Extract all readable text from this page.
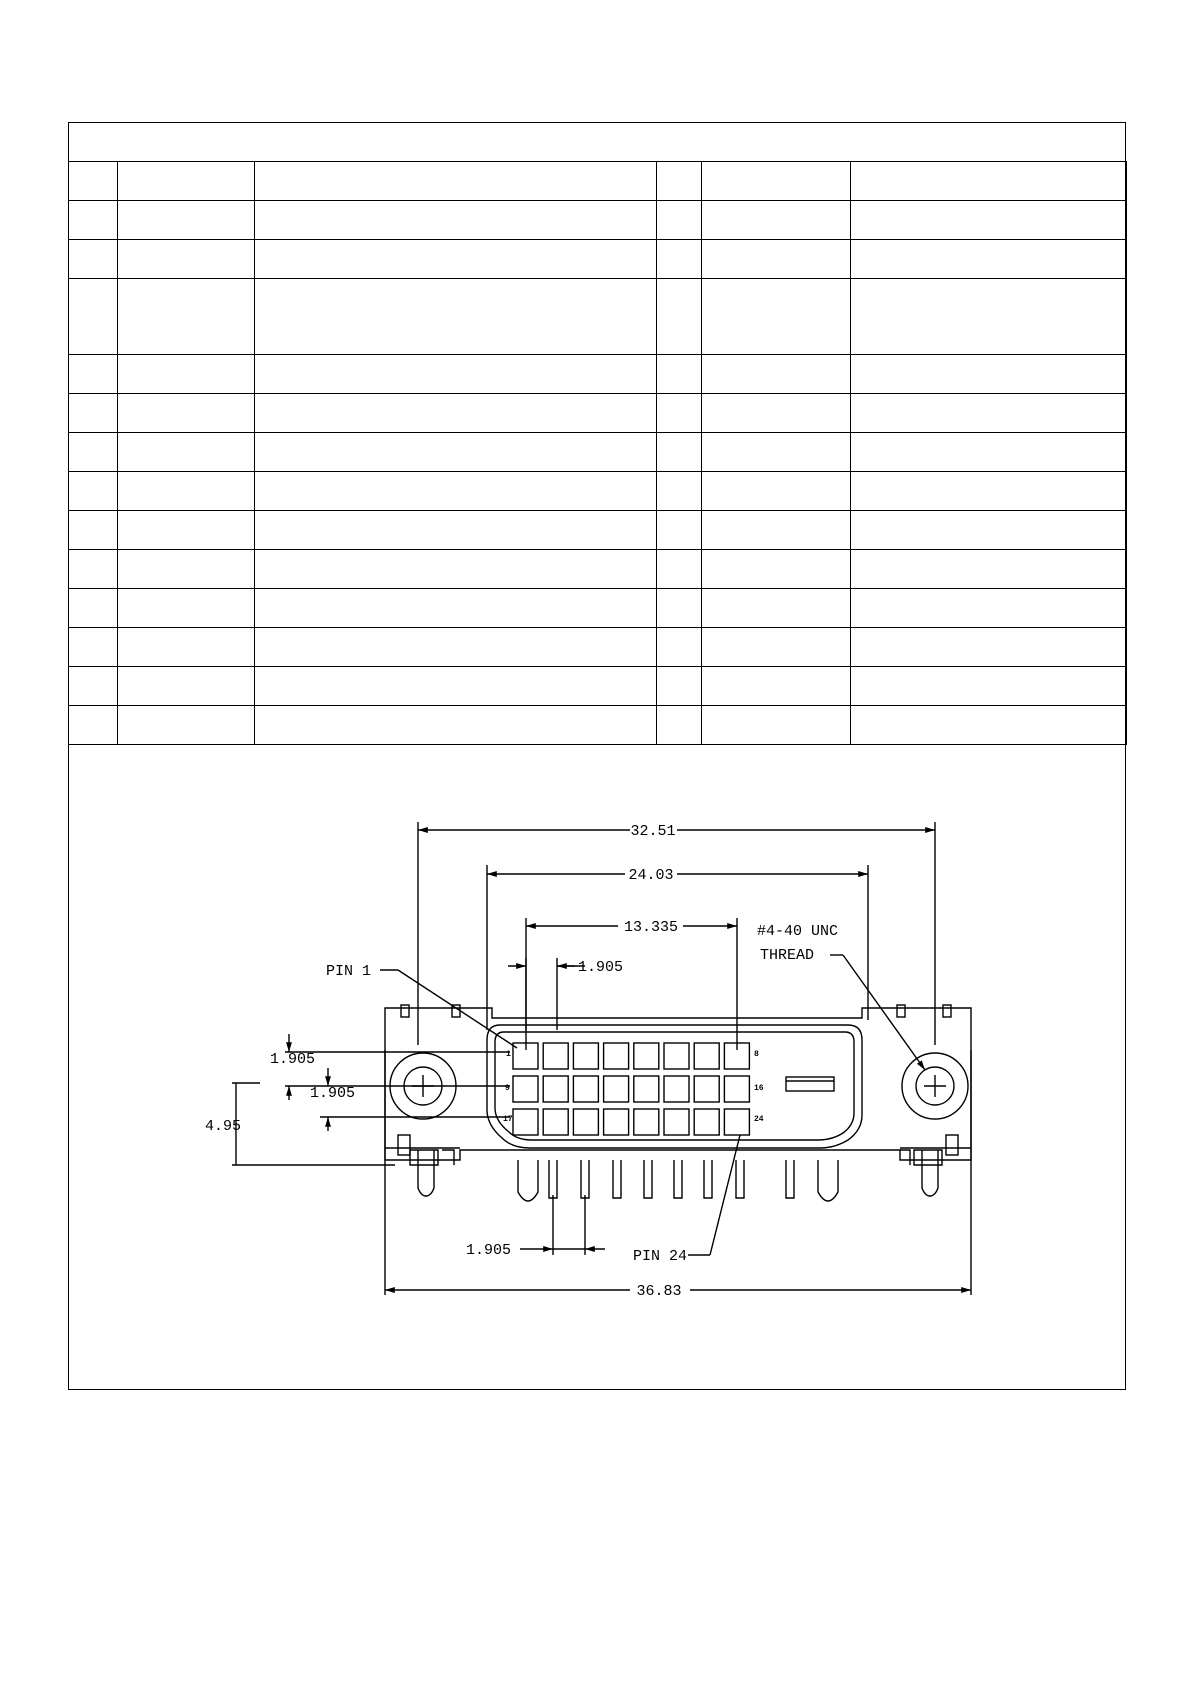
32.51
24.03
13.335
1.905
1.905
1.905
4.95
1.905
36.83
PIN 1
PIN 24
#4-40 UNC
THREAD
1
9
17
8
16
24
